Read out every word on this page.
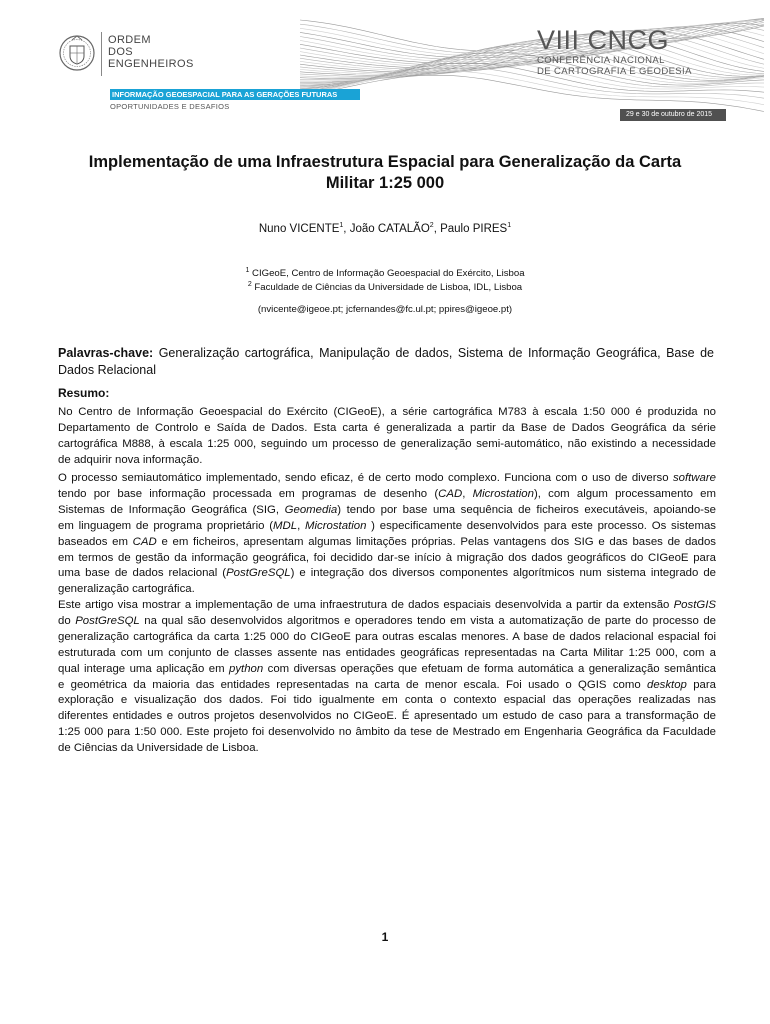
ORDEM
DOS
ENGENHEIROS
VIII CNCG
CONFERÊNCIA NACIONAL
DE CARTOGRAFIA E GEODESIA
INFORMAÇÃO GEOESPACIAL PARA AS GERAÇÕES FUTURAS
OPORTUNIDADES E DESAFIOS
29 e 30 de outubro de 2015
Implementação de uma Infraestrutura Espacial para Generalização da Carta
Militar 1:25 000
Nuno VICENTE$^1$, João CATALÃO$^2$, Paulo PIRES$^1$
$^1$ CIGeoE, Centro de Informação Geoespacial do Exército, Lisboa
$^2$ Faculdade de Ciências da Universidade de Lisboa, IDL, Lisboa
(nvicente@igeoe.pt; jcfernandes@fc.ul.pt; ppires@igeoe.pt)
Palavras-chave: Generalização cartográfica, Manipulação de dados, Sistema de Informação Geográfica, Base de
Dados Relacional
Resumo:
No Centro de Informação Geoespacial do Exército (CIGeoE), a série cartográfica M783 à escala 1:50 000 é produzida no
Departamento de Controlo e Saída de Dados. Esta carta é generalizada a partir da Base de Dados Geográfica da série
cartográfica M888, à escala 1:25 000, seguindo um processo de generalização semi-automático, não existindo a necessidade
de adquirir nova informação.
O processo semiautomático implementado, sendo eficaz, é de certo modo complexo. Funciona com o uso de diverso software
tendo por base informação processada em programas de desenho (CAD, Microstation), com algum processamento em
Sistemas de Informação Geográfica (SIG, Geomedia) tendo por base uma sequência de ficheiros executáveis, apoiando-se
em linguagem de programa proprietário (MDL, Microstation ) especificamente desenvolvidos para este processo. Os sistemas
baseados em CAD e em ficheiros, apresentam algumas limitações próprias. Pelas vantagens dos SIG e das bases de dados
em termos de gestão da informação geográfica, foi decidido dar-se início à migração dos dados geográficos do CIGeoE para
uma base de dados relacional (PostGreSQL) e integração dos diversos componentes algorítmicos num sistema integrado de
generalização cartográfica.
Este artigo visa mostrar a implementação de uma infraestrutura de dados espaciais desenvolvida a partir da extensão PostGIS
do PostGreSQL na qual são desenvolvidos algoritmos e operadores tendo em vista a automatização de parte do processo de
generalização cartográfica da carta 1:25 000 do CIGeoE para outras escalas menores. A base de dados relacional espacial foi
estruturada com um conjunto de classes assente nas entidades geográficas representadas na Carta Militar 1:25 000, com a
qual interage uma aplicação em python com diversas operações que efetuam de forma automática a generalização semântica
e geométrica da maioria das entidades representadas na carta de menor escala. Foi usado o QGIS como desktop para
exploração e visualização dos dados. Foi tido igualmente em conta o contexto espacial das operações realizadas nas
diferentes entidades e outros projetos desenvolvidos no CIGeoE. É apresentado um estudo de caso para a transformação de
1:25 000 para 1:50 000. Este projeto foi desenvolvido no âmbito da tese de Mestrado em Engenharia Geográfica da Faculdade
de Ciências da Universidade de Lisboa.
1
